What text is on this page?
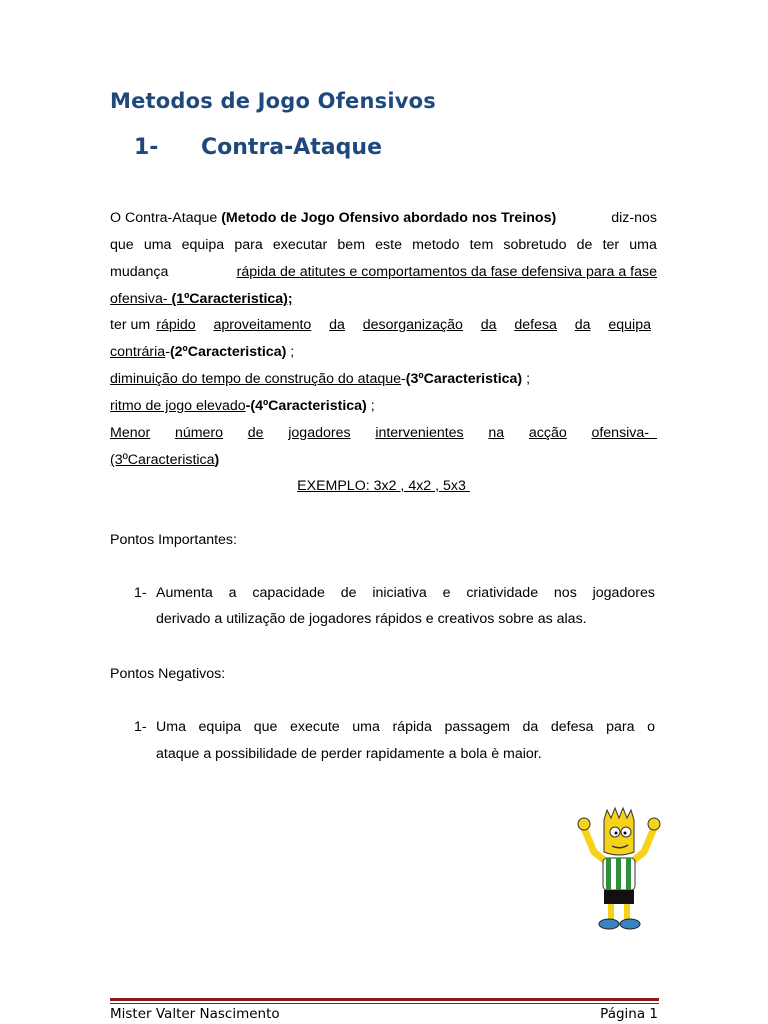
Metodos de Jogo Ofensivos
1- Contra-Ataque
O Contra-Ataque (Metodo de Jogo Ofensivo abordado nos Treinos)	diz-nos
que uma equipa para executar bem este metodo tem sobretudo de ter uma
mudança	rápida de atitutes e comportamentos da fase defensiva para a fase
ofensiva- (1ºCaracteristica);
ter um rápido aproveitamento da desorganização da defesa da equipa
contrária-(2ºCaracteristica) ;
diminuição do tempo de construção do ataque-(3ºCaracteristica) ;
ritmo de jogo elevado-(4ºCaracteristica) ;
Menor número de jogadores intervenientes na acção ofensiva-
(3ºCaracteristica)
EXEMPLO: 3x2 , 4x2 , 5x3
Pontos Importantes:
1- Aumenta a capacidade de iniciativa e criatividade nos jogadores
derivado a utilização de jogadores rápidos e creativos sobre as alas.
Pontos Negativos:
1- Uma equipa que execute uma rápida passagem da defesa para o
ataque a possibilidade de perder rapidamente a bola è maior.
Mister Valter Nascimento	Página 1
